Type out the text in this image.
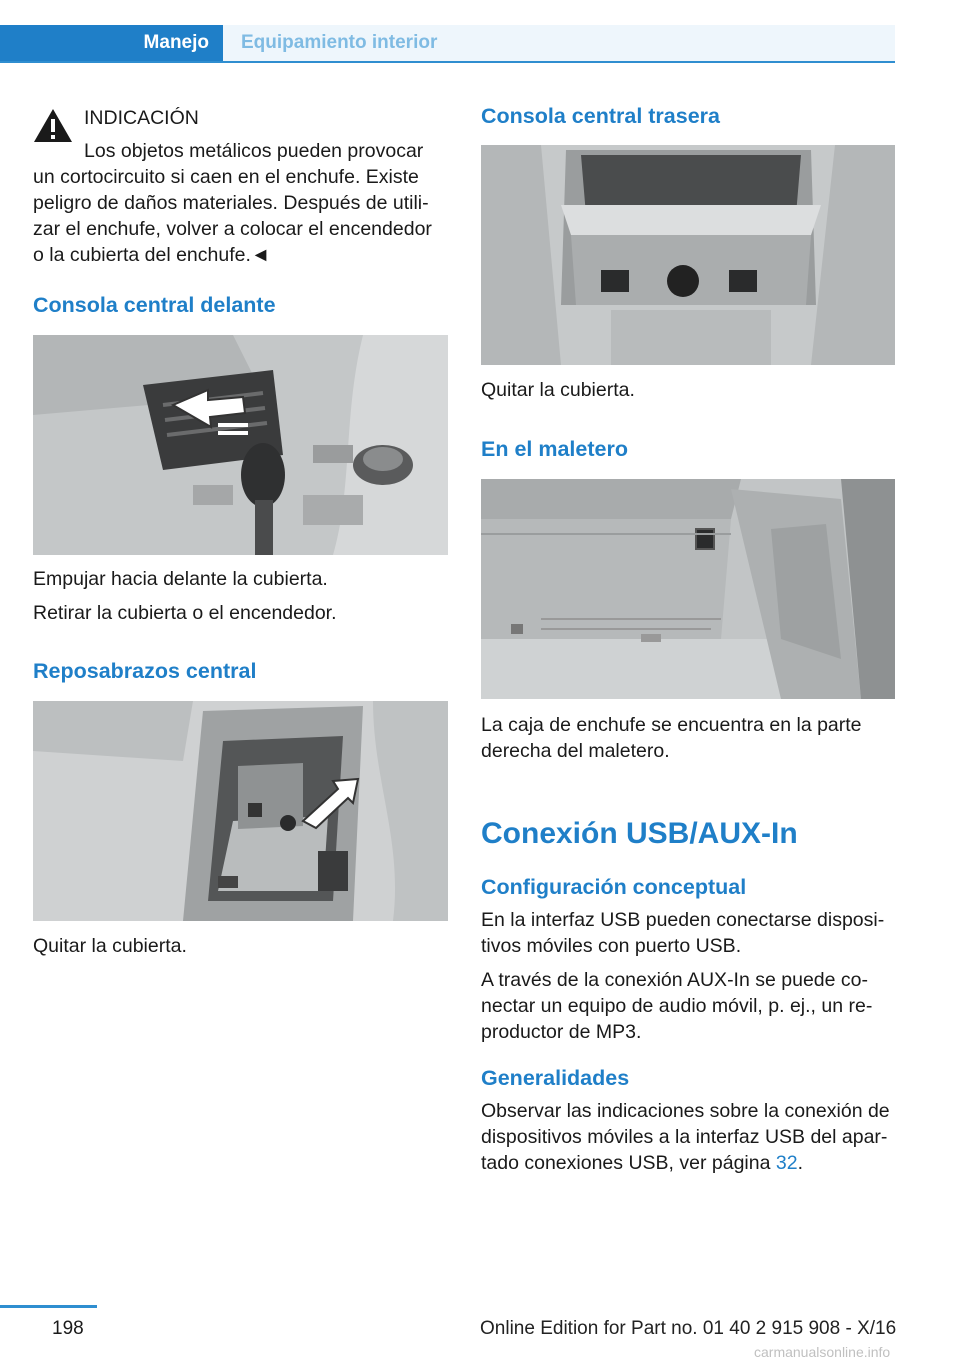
Manejo Equipamiento interior

INDICACIÓN

Los objetos metálicos pueden provocar

un cortocircuito si caen en el enchufe. Existe

peligro de daños materiales. Después de utili‐

zar el enchufe, volver a colocar el encendedor

o la cubierta del enchufe.◄

Consola central delante

Empujar hacia delante la cubierta.

Retirar la cubierta o el encendedor.

Reposabrazos central

Quitar la cubierta.

Consola central trasera

Quitar la cubierta.

En el maletero

La caja de enchufe se encuentra en la parte

derecha del maletero.

Conexión USB/AUX-In
Configuración conceptual

En la interfaz USB pueden conectarse disposi‐

tivos móviles con puerto USB.

A través de la conexión AUX-In se puede co‐

nectar un equipo de audio móvil, p. ej., un re‐

productor de MP3.

Generalidades

Observar las indicaciones sobre la conexión de

dispositivos móviles a la interfaz USB del apar‐

tado conexiones USB, ver página 32.

198	Online Edition for Part no. 01 40 2 915 908 - X/16
carmanualsonline.info
